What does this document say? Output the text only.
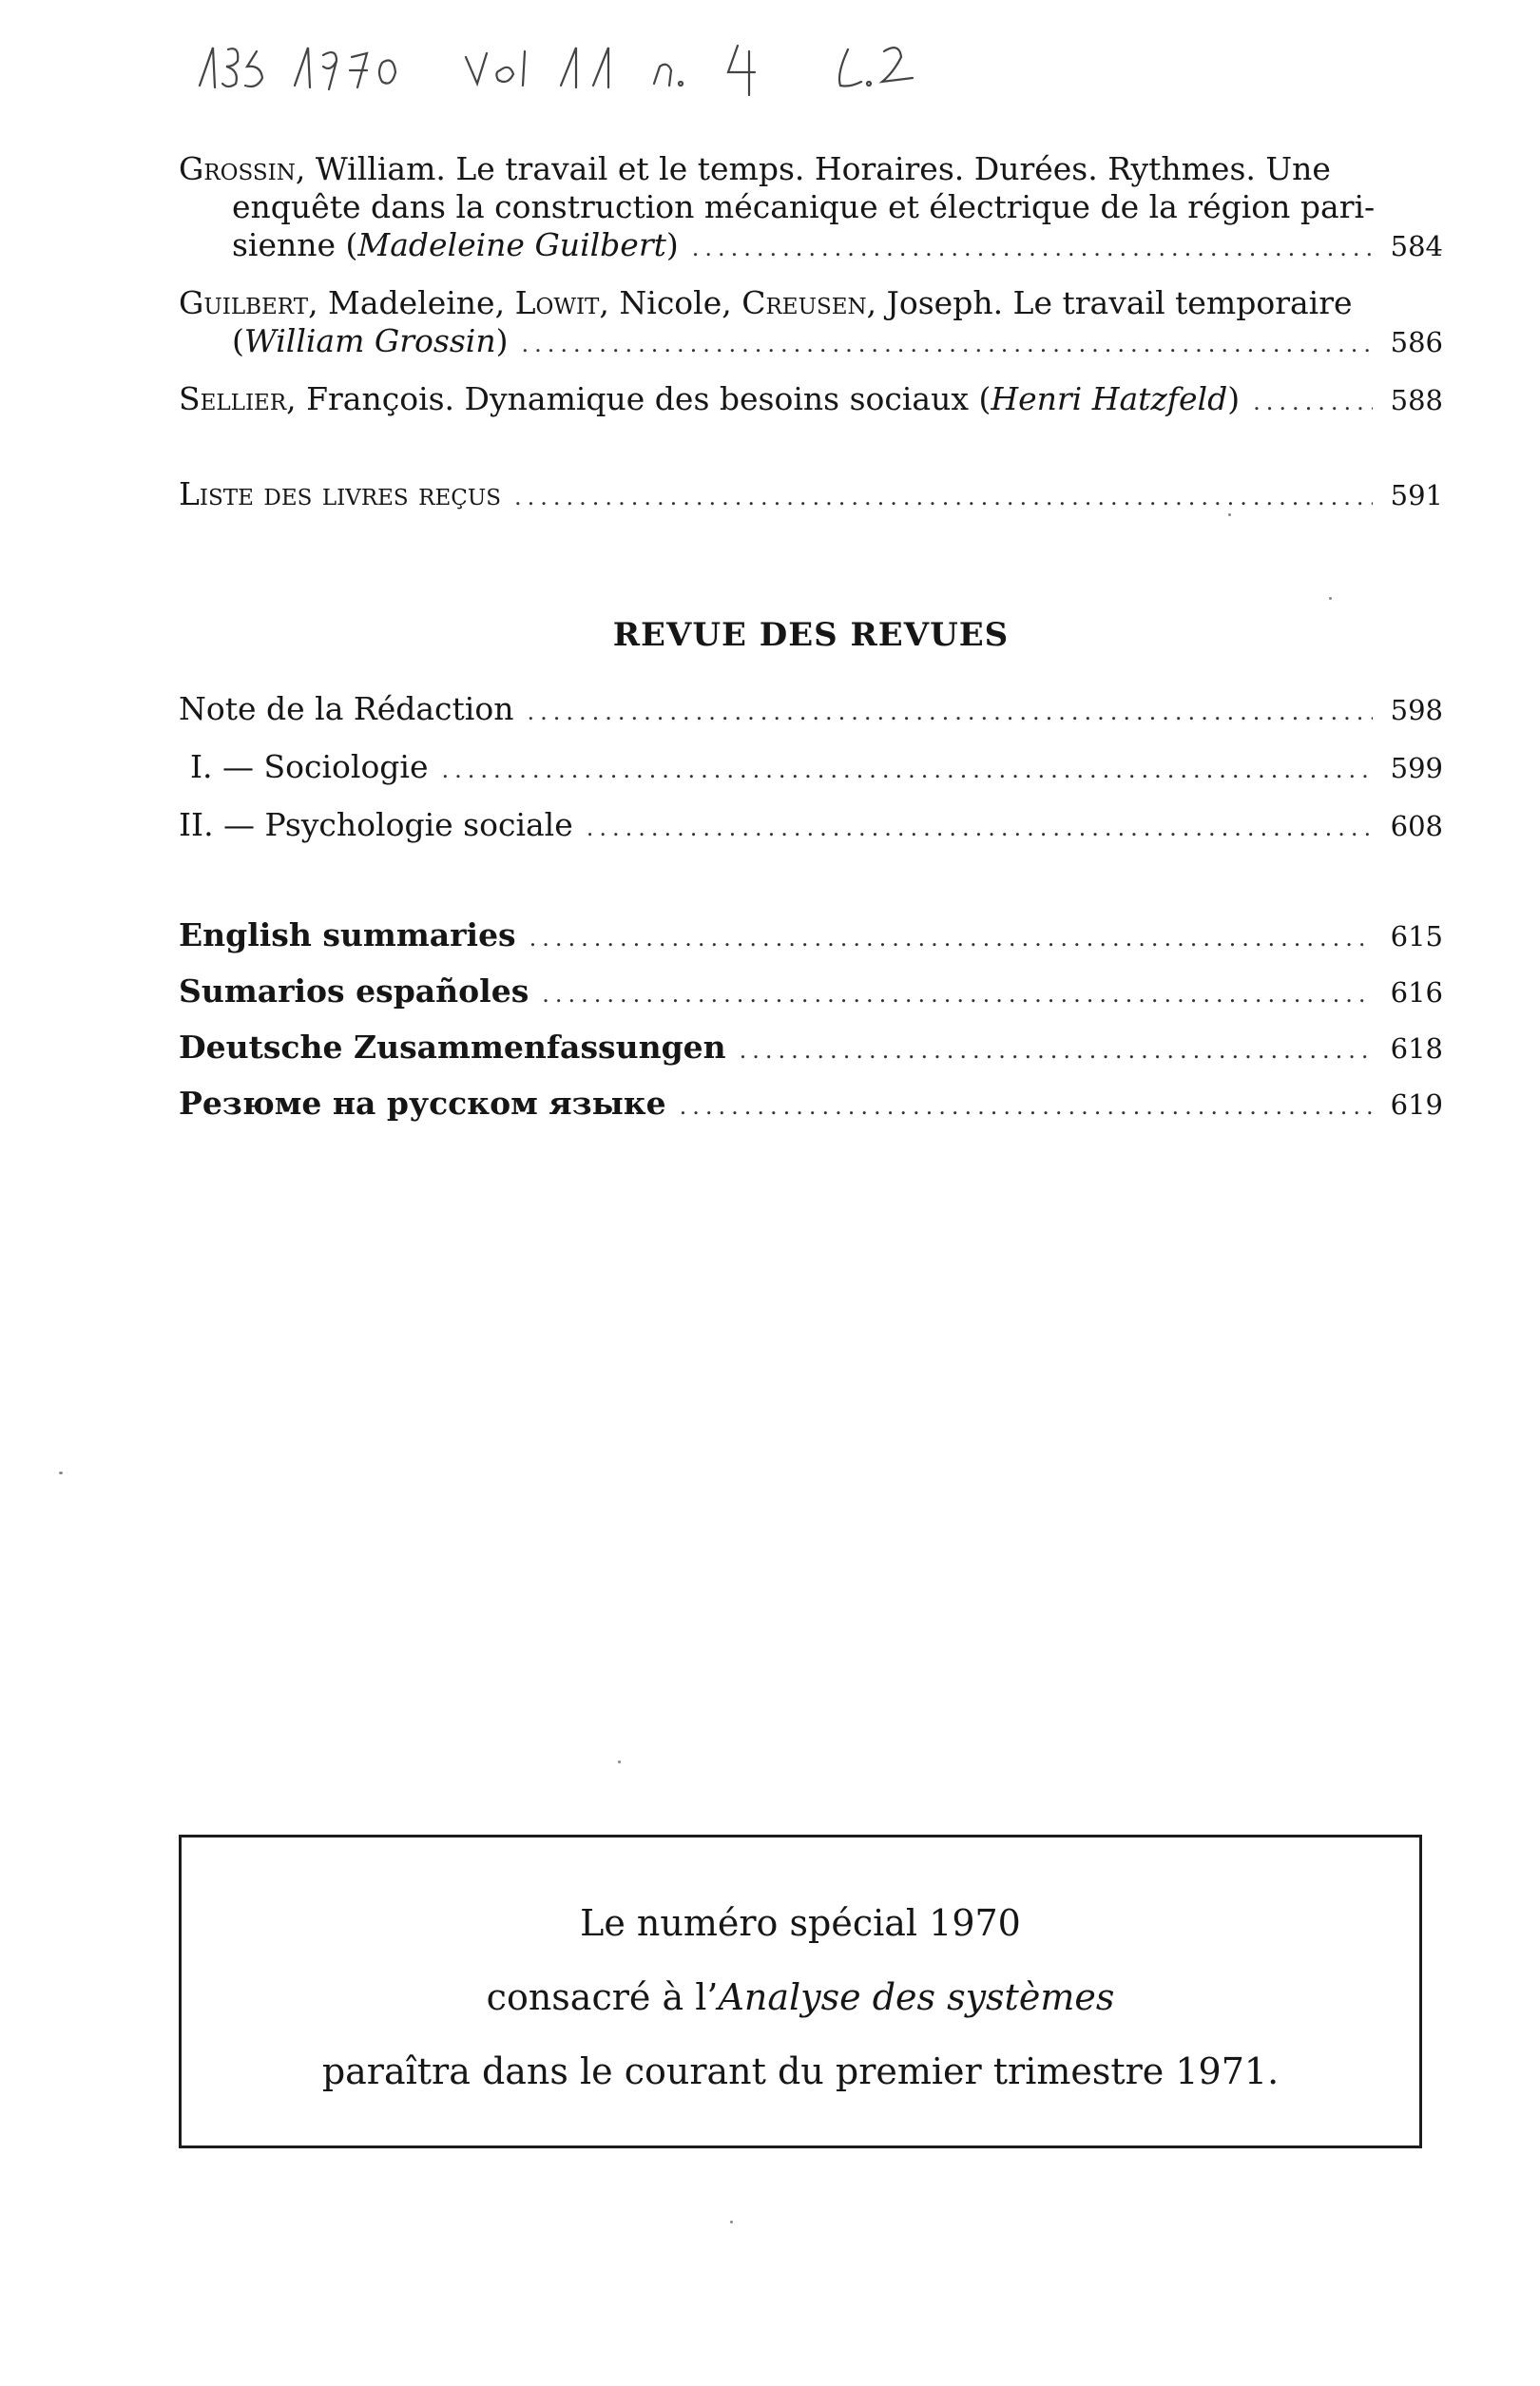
Grossin, William. Le travail et le temps. Horaires. Durées. Rythmes. Une
enquête dans la construction mécanique et électrique de la région pari-
sienne (Madeleine Guilbert) .....	584
Guilbert, Madeleine, Lowit, Nicole, Creusen, Joseph. Le travail temporaire
(William Grossin) .....	586
Sellier, François. Dynamique des besoins sociaux (Henri Hatzfeld) .....	588
Liste des livres reçus .....	591
REVUE DES REVUES
Note de la Rédaction .....	598
I. — Sociologie .....	599
II. — Psychologie sociale .....	608
English summaries .....	615
Sumarios españoles .....	616
Deutsche Zusammenfassungen .....	618
Резюме на русском языке .....	619

Le numéro spécial 1970

consacré à l’Analyse des systèmes

paraîtra dans le courant du premier trimestre 1971.
